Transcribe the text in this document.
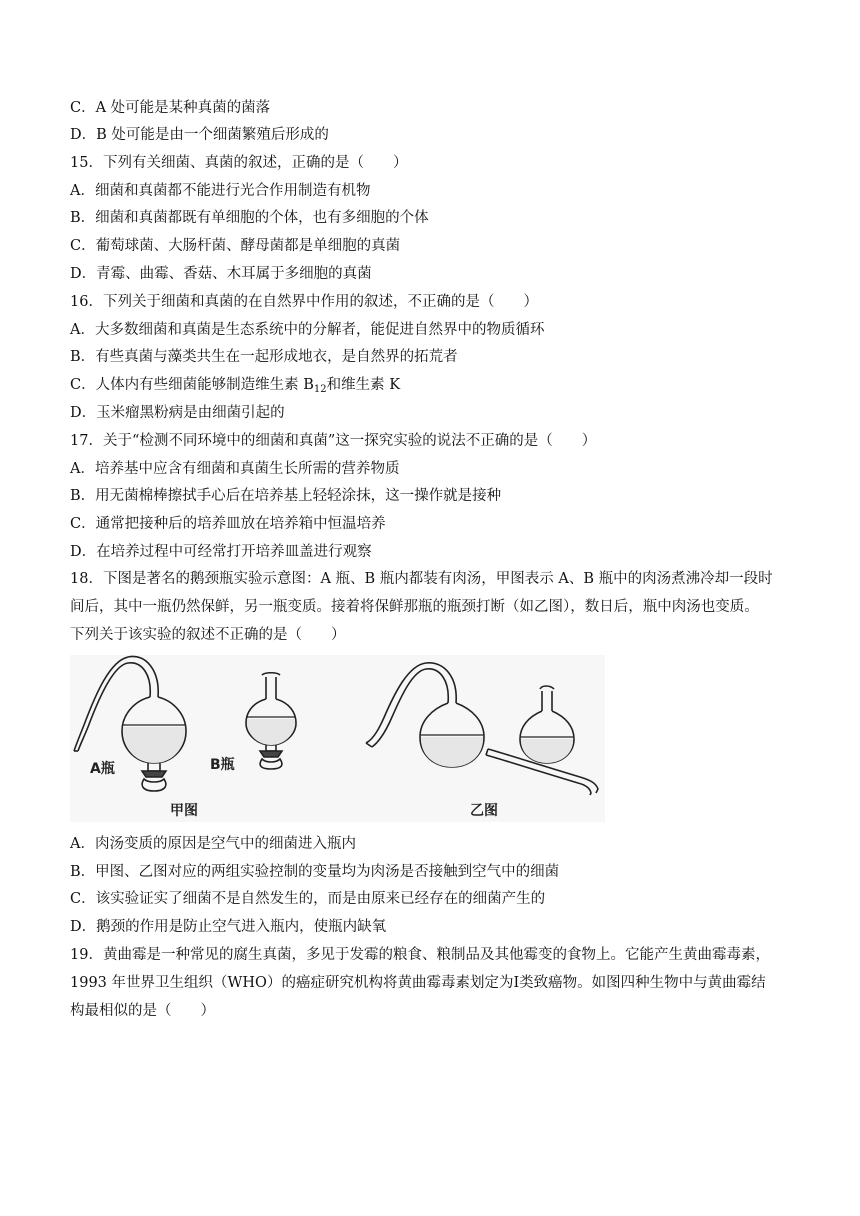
C．A 处可能是某种真菌的菌落
D．B 处可能是由一个细菌繁殖后形成的
15．下列有关细菌、真菌的叙述，正确的是（　　）
A．细菌和真菌都不能进行光合作用制造有机物
B．细菌和真菌都既有单细胞的个体，也有多细胞的个体
C．葡萄球菌、大肠杆菌、酵母菌都是单细胞的真菌
D．青霉、曲霉、香菇、木耳属于多细胞的真菌
16．下列关于细菌和真菌的在自然界中作用的叙述，不正确的是（　　）
A．大多数细菌和真菌是生态系统中的分解者，能促进自然界中的物质循环
B．有些真菌与藻类共生在一起形成地衣，是自然界的拓荒者
C．人体内有些细菌能够制造维生素 $B_{12}$和维生素 K
D．玉米瘤黑粉病是由细菌引起的
17．关于“检测不同环境中的细菌和真菌”这一探究实验的说法不正确的是（　　）
A．培养基中应含有细菌和真菌生长所需的营养物质
B．用无菌棉棒擦拭手心后在培养基上轻轻涂抹，这一操作就是接种
C．通常把接种后的培养皿放在培养箱中恒温培养
D．在培养过程中可经常打开培养皿盖进行观察
18．下图是著名的鹅颈瓶实验示意图：A 瓶、B 瓶内都装有肉汤，甲图表示 A、B 瓶中的肉汤煮沸冷却一段时
间后，其中一瓶仍然保鲜，另一瓶变质。接着将保鲜那瓶的瓶颈打断（如乙图），数日后，瓶中肉汤也变质。
下列关于该实验的叙述不正确的是（　　）
A瓶	B瓶
甲图	乙图
A．肉汤变质的原因是空气中的细菌进入瓶内
B．甲图、乙图对应的两组实验控制的变量均为肉汤是否接触到空气中的细菌
C．该实验证实了细菌不是自然发生的，而是由原来已经存在的细菌产生的
D．鹅颈的作用是防止空气进入瓶内，使瓶内缺氧
19．黄曲霉是一种常见的腐生真菌，多见于发霉的粮食、粮制品及其他霉变的食物上。它能产生黄曲霉毒素，
1993 年世界卫生组织（WHO）的癌症研究机构将黄曲霉毒素划定为Ⅰ类致癌物。如图四种生物中与黄曲霉结
构最相似的是（　　）
